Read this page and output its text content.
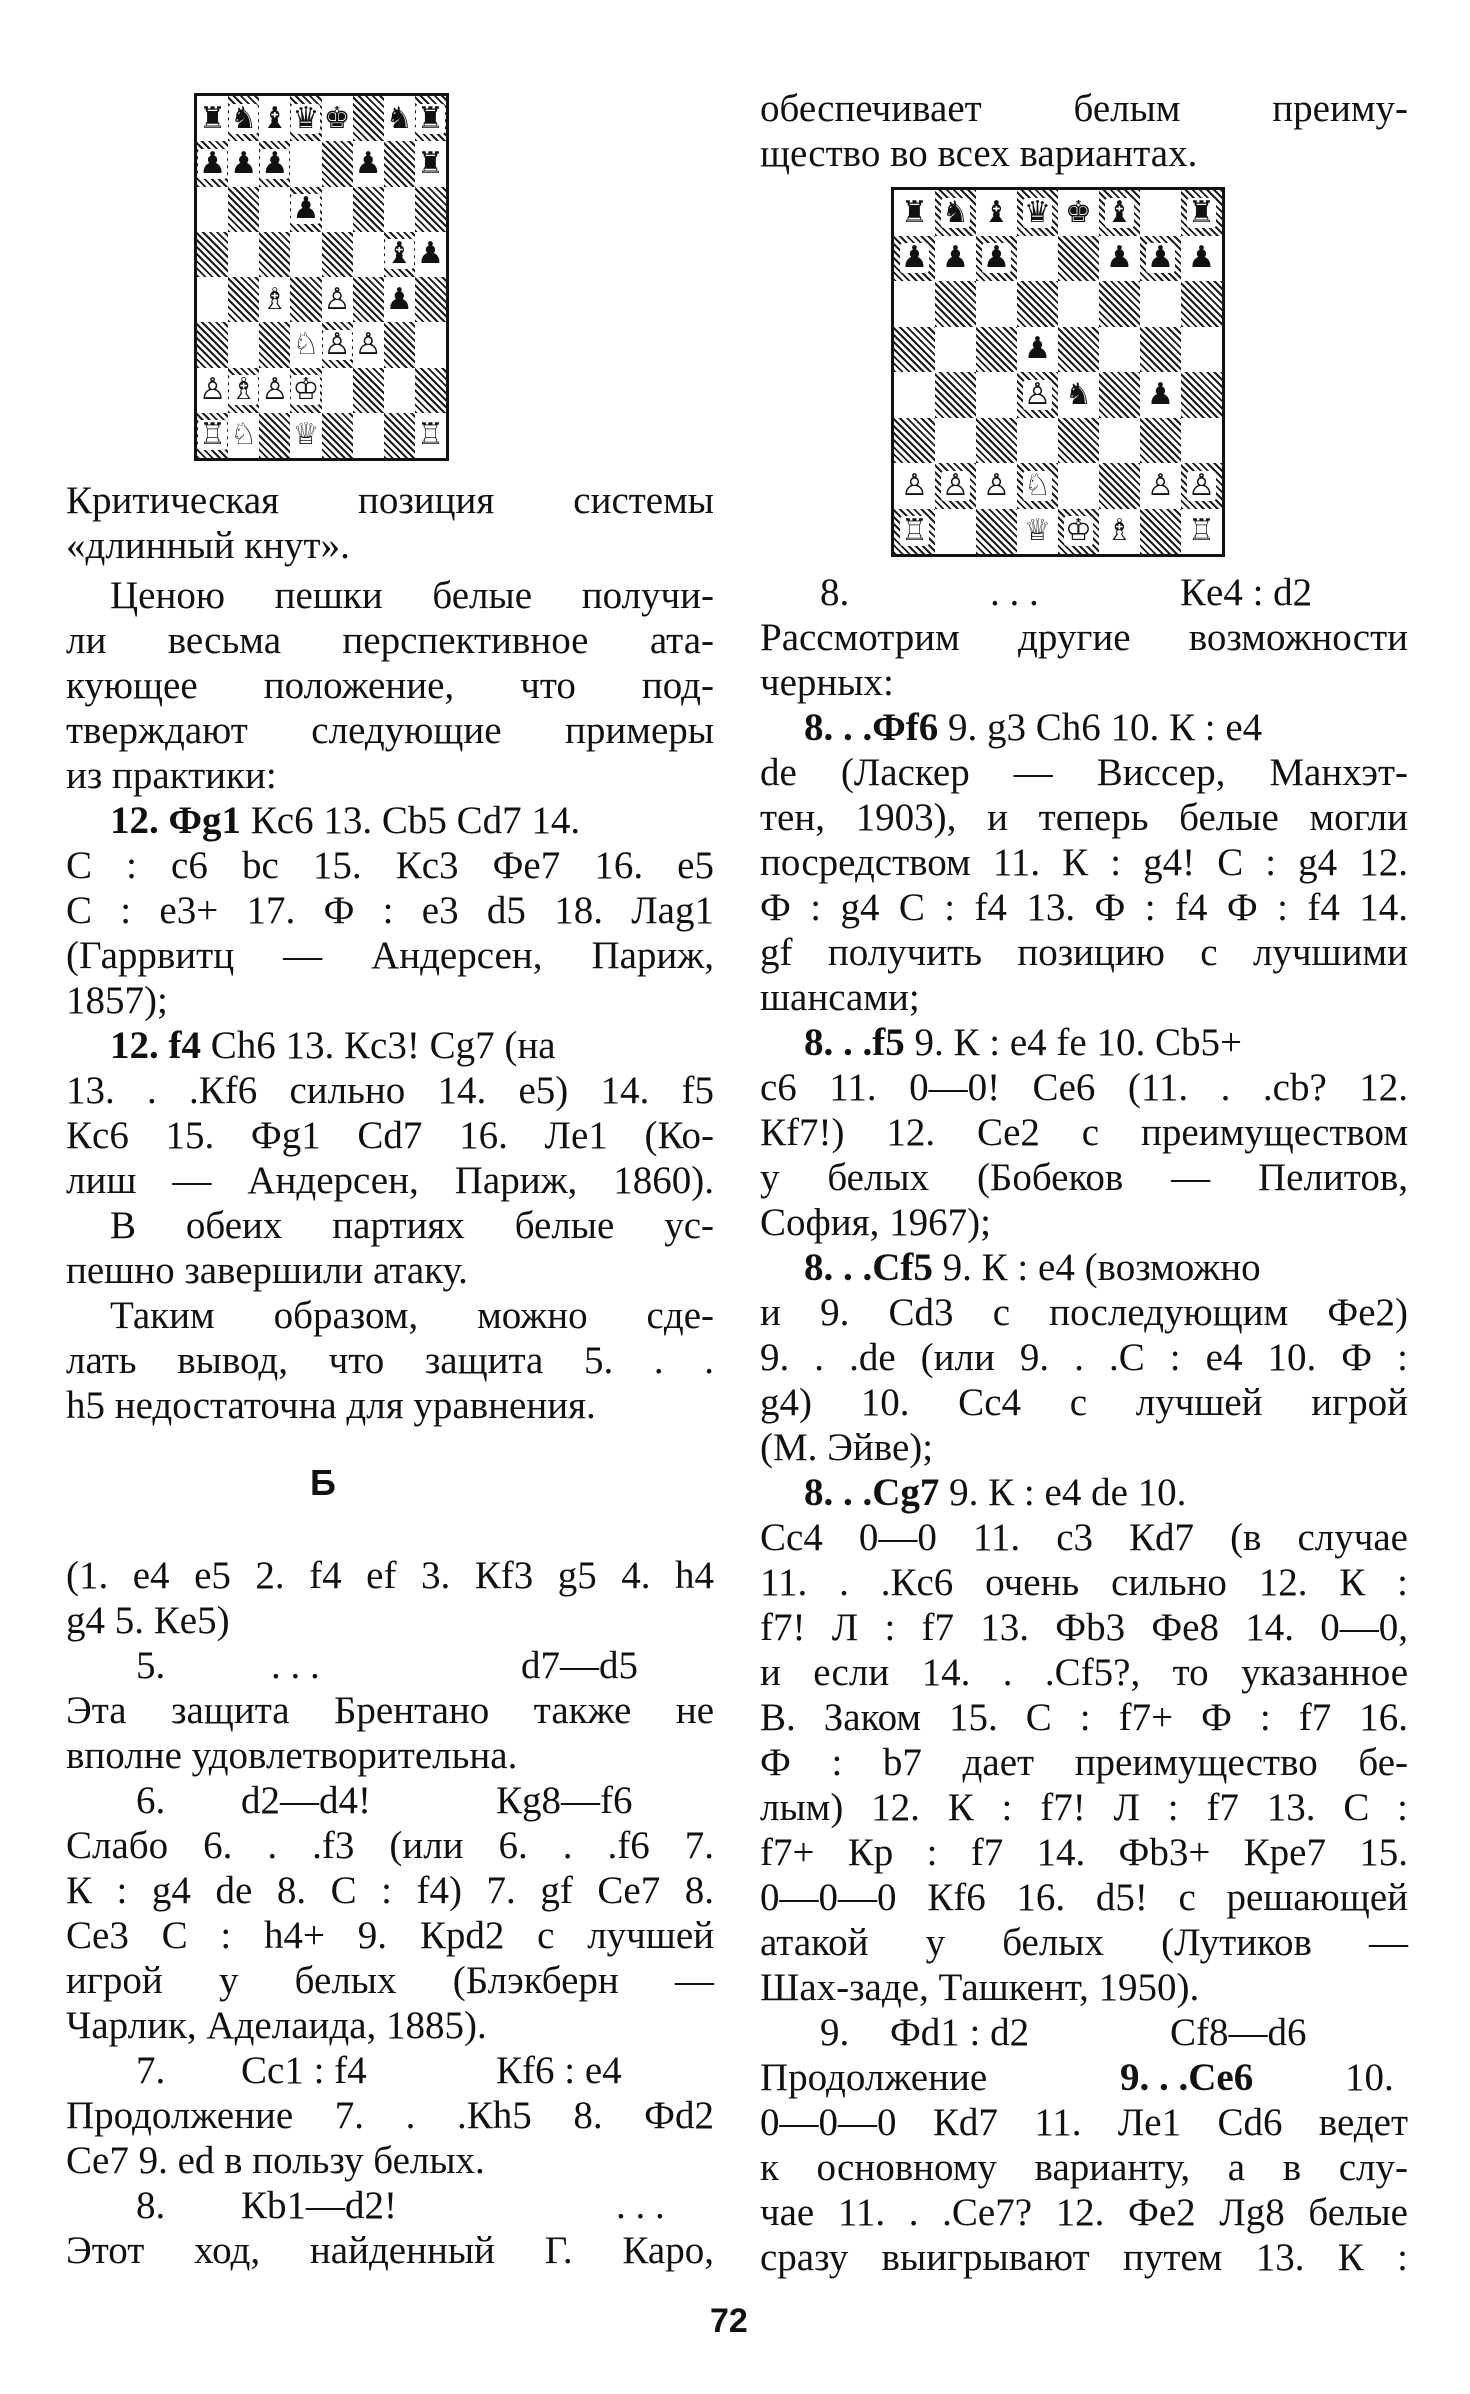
♜ ♞ ♝ ♛ ♚ ♞ ♜
♟ ♟ ♟ ♟ ♜
♟
♝ ♟
♗ ♙ ♟
♘ ♙ ♙
♙ ♗ ♙ ♔
♖ ♘ ♕	♖
Критическая позиция системы
«длинный кнут».
Ценою пешки белые получи-
ли весьма перспективное ата-
кующее положение, что под-
тверждают следующие примеры
из практики:
12. Фg1 Кc6 13. Cb5 Cd7 14.
С : c6 bc 15. Кc3 Фe7 16. e5
С : e3+ 17. Ф : e3 d5 18. Лag1
(Гаррвитц — Андерсен, Париж,
1857);
12. f4 Ch6 13. Кc3! Cg7 (на
13. . .Кf6 сильно 14. e5) 14. f5
Кc6 15. Фg1 Cd7 16. Лe1 (Ко-
лиш — Андерсен, Париж, 1860).
В обеих партиях белые ус-
пешно завершили атаку.
Таким образом, можно сде-
лать вывод, что защита 5. . .
h5 недостаточна для уравнения.
(1. e4 e5 2. f4 ef 3. Кf3 g5 4. h4
g4 5. Кe5)
5.	. . .	d7—d5
Эта защита Брентано также не
вполне удовлетворительна.
6. d2—d4!	Кg8—f6
Слабо 6. . .f3 (или 6. . .f6 7.
К : g4 de 8. С : f4) 7. gf Ce7 8.
Ce3 С : h4+ 9. Кpd2 с лучшей
игрой у белых (Блэкберн —
Чарлик, Аделаида, 1885).
7. Cc1 : f4	Кf6 : e4
Продолжение 7. . .Кh5 8. Фd2
Ce7 9. ed в пользу белых.
8. Кb1—d2!	. . .
Этот ход, найденный Г. Каро,
Б
обеспечивает белым преиму-
щество во всех вариантах.
♜ ♞ ♝ ♛ ♚ ♝ ♜
♟ ♟ ♟	♟ ♟ ♟
♟
♙ ♞ ♟
♙ ♙ ♙ ♘	♙ ♙
♖	♕ ♔ ♗ ♖
8.	. . .	Кe4 : d2
Рассмотрим другие возможности
черных:
8. . .Фf6 9. g3 Ch6 10. К : e4
de (Ласкер — Виссер, Манхэт-
тен, 1903), и теперь белые могли
посредством 11. К : g4! С : g4 12.
Ф : g4 С : f4 13. Ф : f4 Ф : f4 14.
gf получить позицию с лучшими
шансами;
8. . .f5 9. К : e4 fe 10. Cb5+
c6 11. 0—0! Ce6 (11. . .cb? 12.
Кf7!) 12. Ce2 с преимуществом
у белых (Бобеков — Пелитов,
София, 1967);
8. . .Cf5 9. К : e4 (возможно
и 9. Cd3 с последующим Фe2)
9. . .de (или 9. . .С : e4 10. Ф :
g4) 10. Cc4 с лучшей игрой
(М. Эйве);
8. . .Cg7 9. К : e4 de 10.
Cc4 0—0 11. c3 Кd7 (в случае
11. . .Кc6 очень сильно 12. К :
f7! Л : f7 13. Фb3 Фe8 14. 0—0,
и если 14. . .Cf5?, то указанное
В. Заком 15. С : f7+ Ф : f7 16.
Ф : b7 дает преимущество бе-
лым) 12. К : f7! Л : f7 13. С :
f7+ Кp : f7 14. Фb3+ Кpe7 15.
0—0—0 Кf6 16. d5! с решающей
атакой у белых (Лутиков —
Шах-заде, Ташкент, 1950).
9. Фd1 : d2	Cf8—d6
Продолжение	9. . .Ce6 10.
0—0—0 Кd7 11. Лe1 Cd6 ведет
к основному варианту, а в слу-
чае 11. . .Ce7? 12. Фe2 Лg8 белые
сразу выигрывают путем 13. К :
72
